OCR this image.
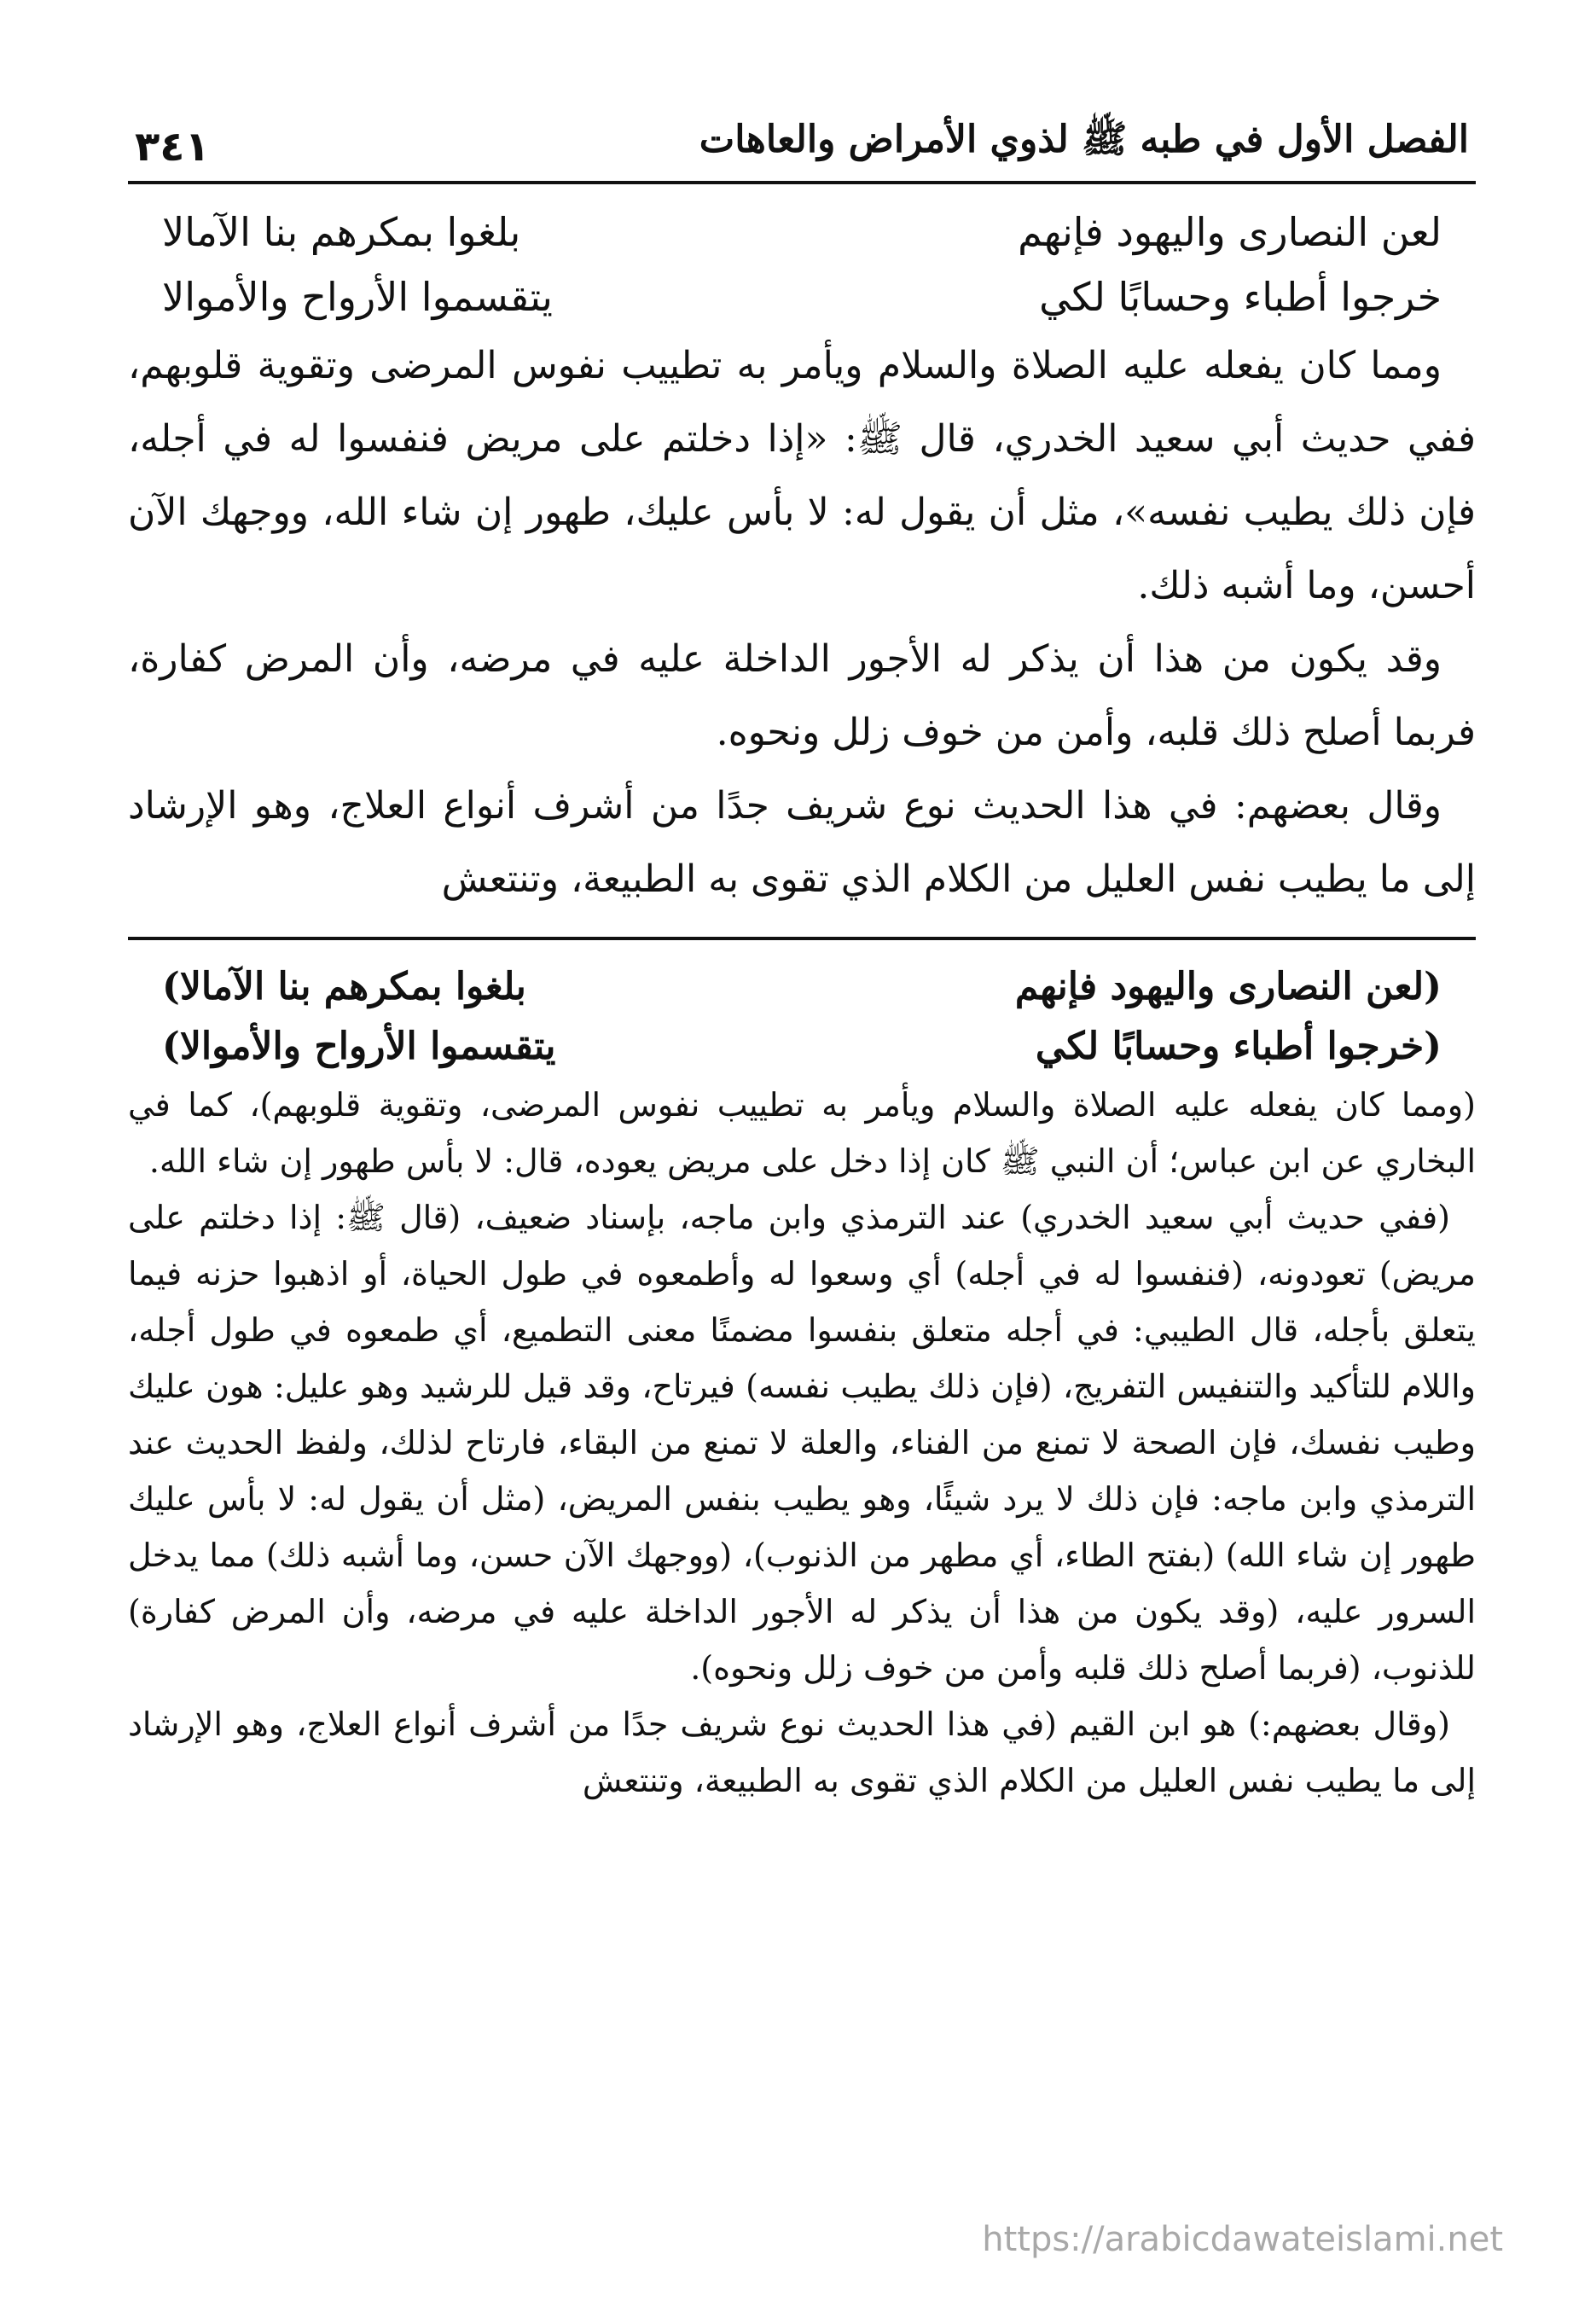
الفصل الأول في طبه ﷺ لذوي الأمراض والعاهات
٣٤١
لعن النصارى واليهود فإنهم
بلغوا بمكرهم بنا الآمالا
خرجوا أطباء وحسابًا لكي
يتقسموا الأرواح والأموالا

ومما كان يفعله عليه الصلاة والسلام ويأمر به تطييب نفوس المرضى وتقوية قلوبهم، ففي حديث أبي سعيد الخدري، قال ﷺ: «إذا دخلتم على مريض فنفسوا له في أجله، فإن ذلك يطيب نفسه»، مثل أن يقول له: لا بأس عليك، طهور إن شاء الله، ووجهك الآن أحسن، وما أشبه ذلك.

وقد يكون من هذا أن يذكر له الأجور الداخلة عليه في مرضه، وأن المرض كفارة، فربما أصلح ذلك قلبه، وأمن من خوف زلل ونحوه.

وقال بعضهم: في هذا الحديث نوع شريف جدًا من أشرف أنواع العلاج، وهو الإرشاد إلى ما يطيب نفس العليل من الكلام الذي تقوى به الطبيعة، وتنتعش

(لعن النصارى واليهود فإنهم
بلغوا بمكرهم بنا الآمالا)
(خرجوا أطباء وحسابًا لكي
يتقسموا الأرواح والأموالا)

(ومما كان يفعله عليه الصلاة والسلام ويأمر به تطييب نفوس المرضى، وتقوية قلوبهم)، كما في البخاري عن ابن عباس؛ أن النبي ﷺ كان إذا دخل على مريض يعوده، قال: لا بأس طهور إن شاء الله.

(ففي حديث أبي سعيد الخدري) عند الترمذي وابن ماجه، بإسناد ضعيف، (قال ﷺ: إذا دخلتم على مريض) تعودونه، (فنفسوا له في أجله) أي وسعوا له وأطمعوه في طول الحياة، أو اذهبوا حزنه فيما يتعلق بأجله، قال الطيبي: في أجله متعلق بنفسوا مضمنًا معنى التطميع، أي طمعوه في طول أجله، واللام للتأكيد والتنفيس التفريج، (فإن ذلك يطيب نفسه) فيرتاح، وقد قيل للرشيد وهو عليل: هون عليك وطيب نفسك، فإن الصحة لا تمنع من الفناء، والعلة لا تمنع من البقاء، فارتاح لذلك، ولفظ الحديث عند الترمذي وابن ماجه: فإن ذلك لا يرد شيئًا، وهو يطيب بنفس المريض، (مثل أن يقول له: لا بأس عليك طهور إن شاء الله) (بفتح الطاء، أي مطهر من الذنوب)، (ووجهك الآن حسن، وما أشبه ذلك) مما يدخل السرور عليه، (وقد يكون من هذا أن يذكر له الأجور الداخلة عليه في مرضه، وأن المرض كفارة) للذنوب، (فربما أصلح ذلك قلبه وأمن من خوف زلل ونحوه).

(وقال بعضهم:) هو ابن القيم (في هذا الحديث نوع شريف جدًا من أشرف أنواع العلاج، وهو الإرشاد إلى ما يطيب نفس العليل من الكلام الذي تقوى به الطبيعة، وتنتعش

https://arabicdawateislami.net
